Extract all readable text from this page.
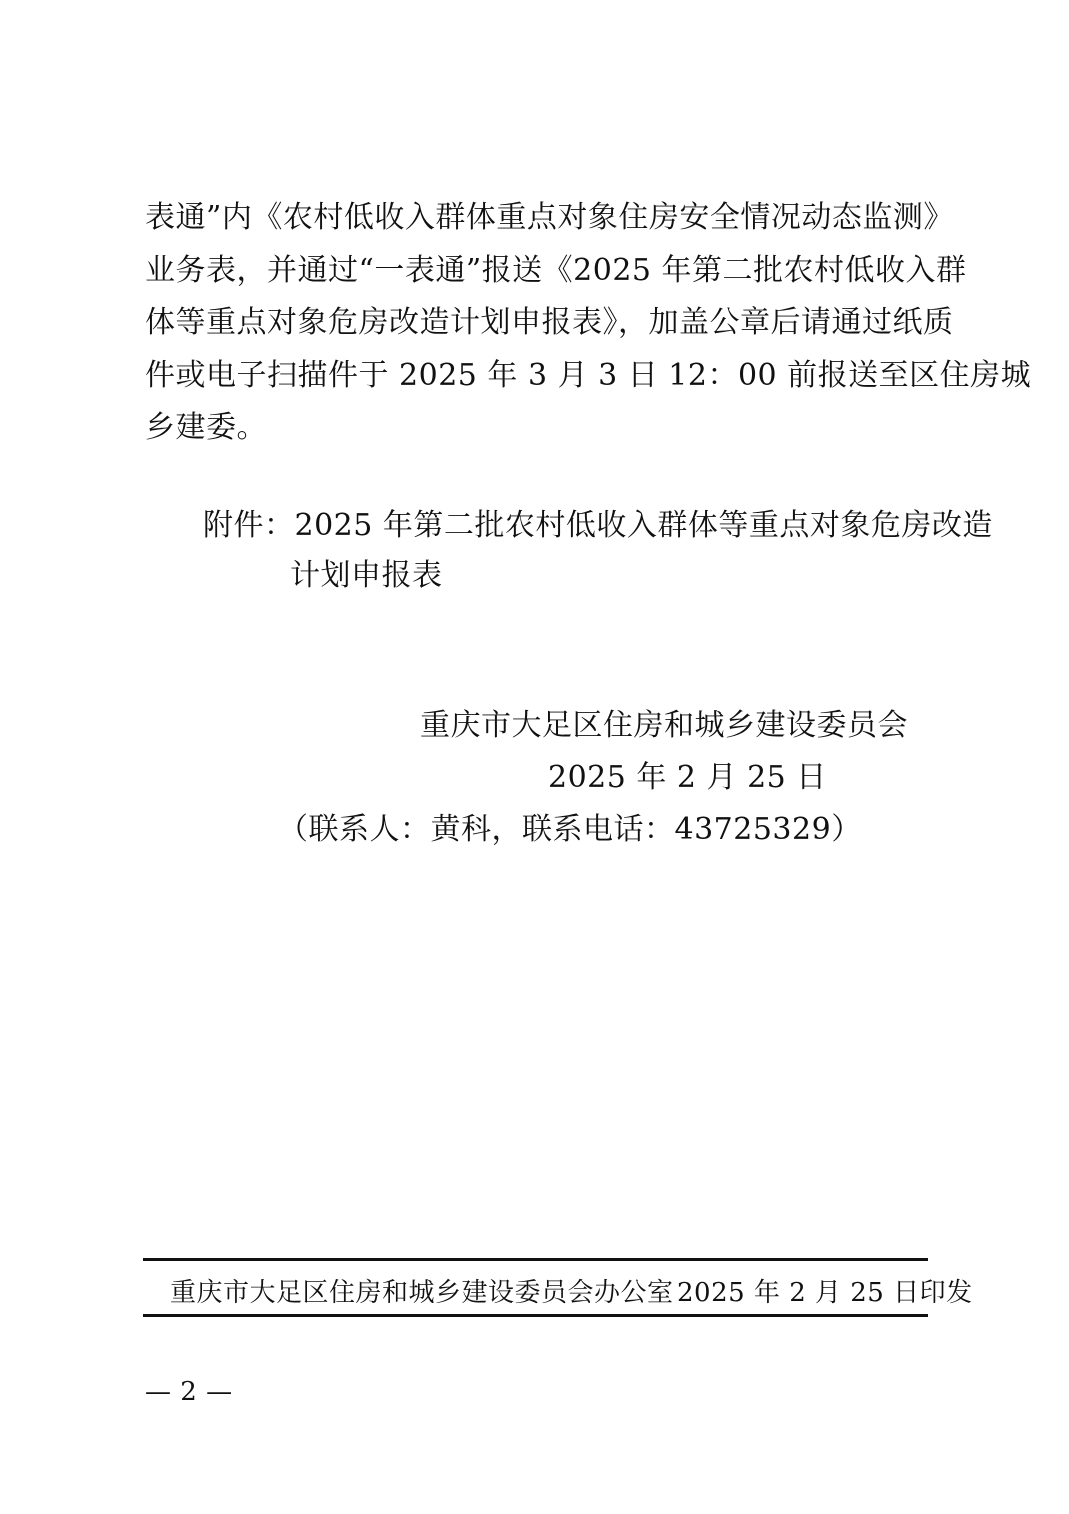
表通”内《农村低收入群体重点对象住房安全情况动态监测》
业务表，并通过“一表通”报送《2025 年第二批农村低收入群
体等重点对象危房改造计划申报表》，加盖公章后请通过纸质
件或电子扫描件于 2025 年 3 月 3 日 12：00 前报送至区住房城
乡建委。
附件：2025 年第二批农村低收入群体等重点对象危房改造
计划申报表
重庆市大足区住房和城乡建设委员会
2025 年 2 月 25 日
（联系人：黄科，联系电话：43725329）
重庆市大足区住房和城乡建设委员会办公室 2025 年 2 月 25 日印发
— 2 —
